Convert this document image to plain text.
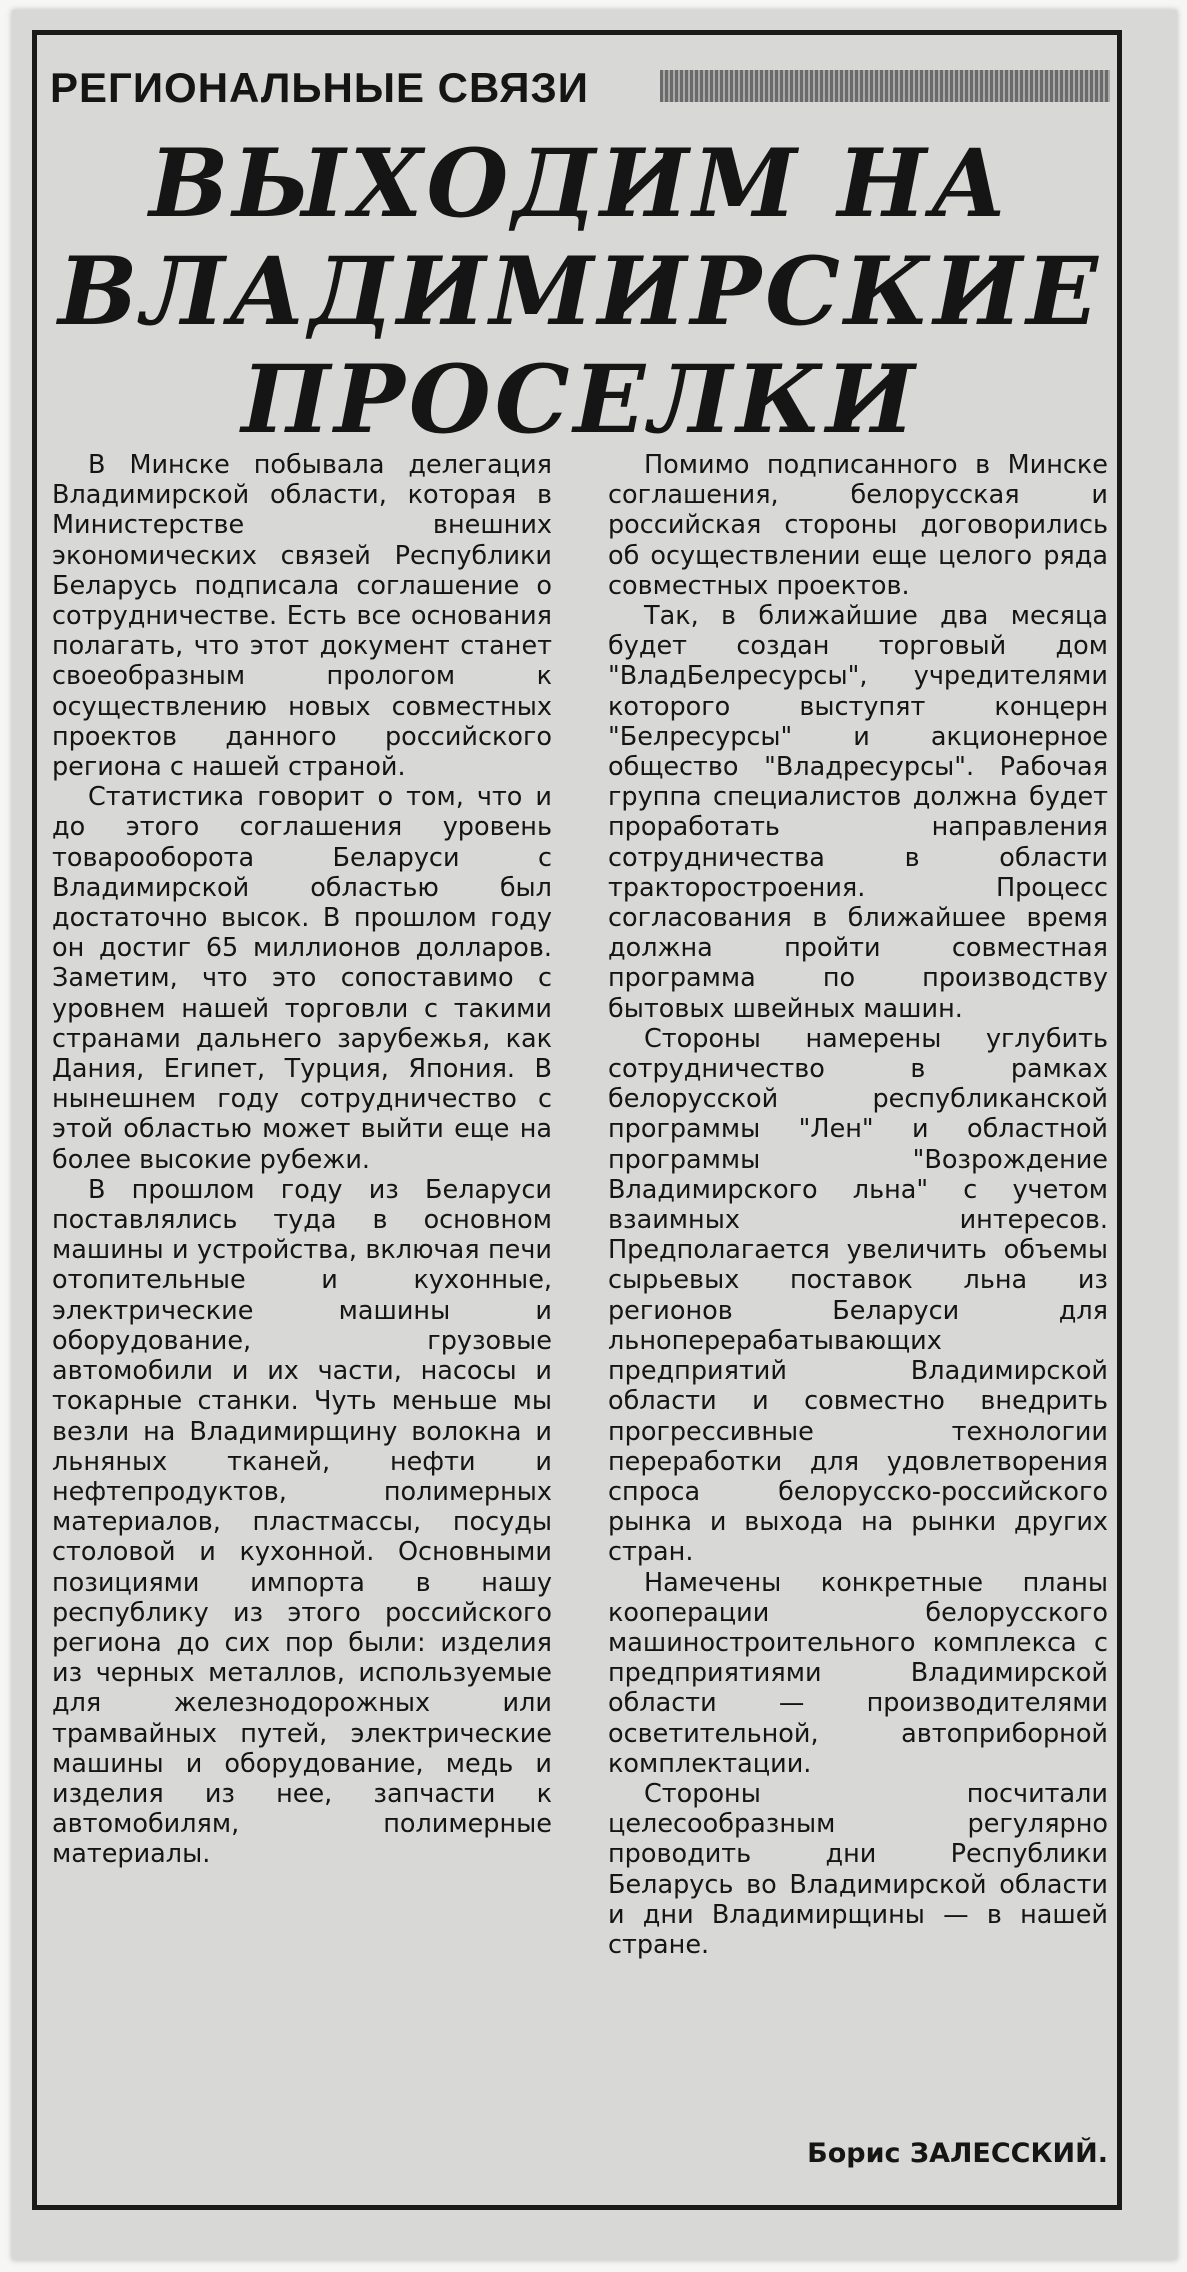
РЕГИОНАЛЬНЫЕ СВЯЗИ
ВЫХОДИМ НА
ВЛАДИМИРСКИЕ
ПРОСЕЛКИ

В Минске побывала делегация Владимирской области, которая в Министерстве внешних экономических связей Республики Беларусь подписала соглашение о сотрудничестве. Есть все основания полагать, что этот документ станет своеобразным прологом к осуществлению новых совместных проектов данного российского региона с нашей страной.

Статистика говорит о том, что и до этого соглашения уровень товарооборота Беларуси с Владимирской областью был достаточно высок. В прошлом году он достиг 65 миллионов долларов. Заметим, что это сопоставимо с уровнем нашей торговли с такими странами дальнего зарубежья, как Дания, Египет, Турция, Япония. В нынешнем году сотрудничество с этой областью может выйти еще на более высокие рубежи.

В прошлом году из Беларуси поставлялись туда в основном машины и устройства, включая печи отопительные и кухонные, электрические машины и оборудование, грузовые автомобили и их части, насосы и токарные станки. Чуть меньше мы везли на Владимирщину волокна и льняных тканей, нефти и нефтепродуктов, полимерных материалов, пластмассы, посуды столовой и кухонной. Основными позициями импорта в нашу республику из этого российского региона до сих пор были: изделия из черных металлов, используемые для железнодорожных или трамвайных путей, электрические машины и оборудование, медь и изделия из нее, запчасти к автомобилям, полимерные материалы.

Помимо подписанного в Минске соглашения, белорусская и российская стороны договорились об осуществлении еще целого ряда совместных проектов.

Так, в ближайшие два месяца будет создан торговый дом "ВладБелресурсы", учредителями которого выступят концерн "Белресурсы" и акционерное общество "Владресурсы". Рабочая группа специалистов должна будет проработать направления сотрудничества в области тракторостроения. Процесс согласования в ближайшее время должна пройти совместная программа по производству бытовых швейных машин.

Стороны намерены углубить сотрудничество в рамках белорусской республиканской программы "Лен" и областной программы "Возрождение Владимирского льна" с учетом взаимных интересов. Предполагается увеличить объемы сырьевых поставок льна из регионов Беларуси для льноперерабатывающих предприятий Владимирской области и совместно внедрить прогрессивные технологии переработки для удовлетворения спроса белорусско-российского рынка и выхода на рынки других стран.

Намечены конкретные планы кооперации белорусского машиностроительного комплекса с предприятиями Владимирской области — производителями осветительной, автоприборной комплектации.

Стороны посчитали целесообразным регулярно проводить дни Республики Беларусь во Владимирской области и дни Владимирщины — в нашей стране.

Борис ЗАЛЕССКИЙ.
